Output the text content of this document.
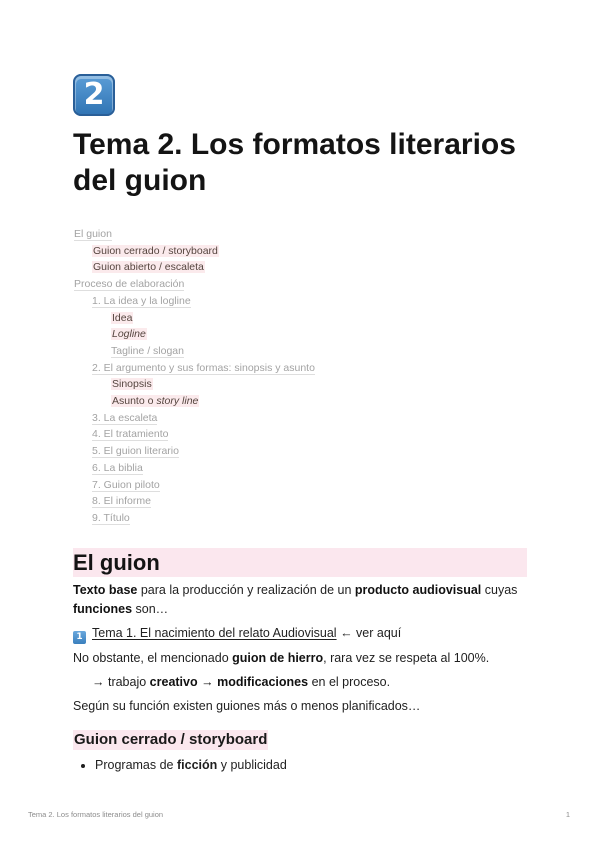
2
Tema 2. Los formatos literarios del guion
El guion
Guion cerrado / storyboard
Guion abierto / escaleta
Proceso de elaboración
1. La idea y la logline
Idea
Logline
Tagline / slogan
2. El argumento y sus formas: sinopsis y asunto
Sinopsis
Asunto o story line
3. La escaleta
4. El tratamiento
5. El guion literario
6. La biblia
7. Guion piloto
8. El informe
9. Título
El guion

Texto base para la producción y realización de un producto audiovisual cuyas funciones son…

1 Tema 1. El nacimiento del relato Audiovisual ← ver aquí

No obstante, el mencionado guion de hierro, rara vez se respeta al 100%.

→ trabajo creativo → modificaciones en el proceso.

Según su función existen guiones más o menos planificados…

Guion cerrado / storyboard
Programas de ficción y publicidad
Tema 2. Los formatos literarios del guion	1
